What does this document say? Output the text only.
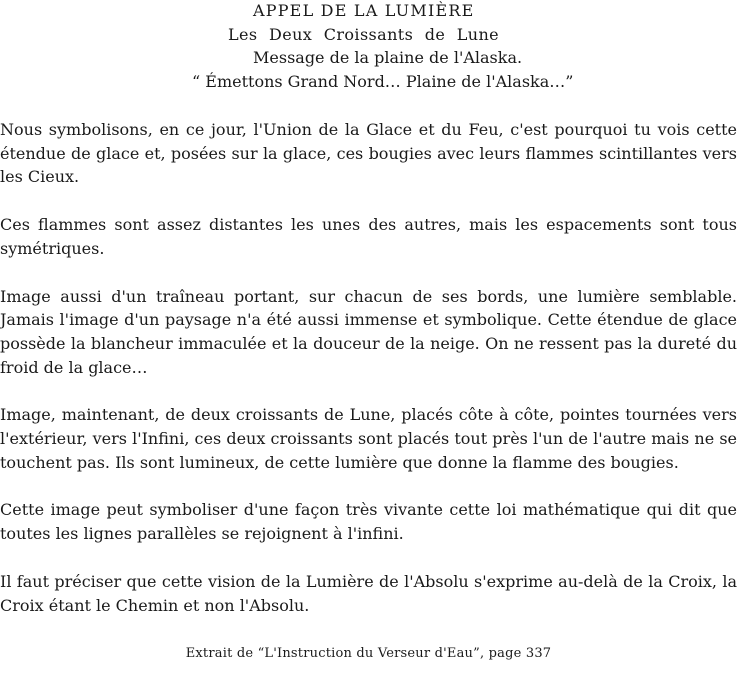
APPEL DE LA LUMIÈRE
Les Deux Croissants de Lune
Message de la plaine de l'Alaska.
“ Émettons Grand Nord… Plaine de l'Alaska…”

Nous symbolisons, en ce jour, l'Union de la Glace et du Feu, c'est pourquoi tu vois cette étendue de glace et, posées sur la glace, ces bougies avec leurs flammes scintillantes vers les Cieux.

Ces flammes sont assez distantes les unes des autres, mais les espacements sont tous symétriques.

Image aussi d'un traîneau portant, sur chacun de ses bords, une lumière semblable. Jamais l'image d'un paysage n'a été aussi immense et symbolique. Cette étendue de glace possède la blancheur immaculée et la douceur de la neige. On ne ressent pas la dureté du froid de la glace…

Image, maintenant, de deux croissants de Lune, placés côte à côte, pointes tournées vers l'extérieur, vers l'Infini, ces deux croissants sont placés tout près l'un de l'autre mais ne se touchent pas. Ils sont lumineux, de cette lumière que donne la flamme des bougies.

Cette image peut symboliser d'une façon très vivante cette loi mathématique qui dit que toutes les lignes parallèles se rejoignent à l'infini.

Il faut préciser que cette vision de la Lumière de l'Absolu s'exprime au-delà de la Croix, la Croix étant le Chemin et non l'Absolu.

Extrait de “L'Instruction du Verseur d'Eau”, page 337
